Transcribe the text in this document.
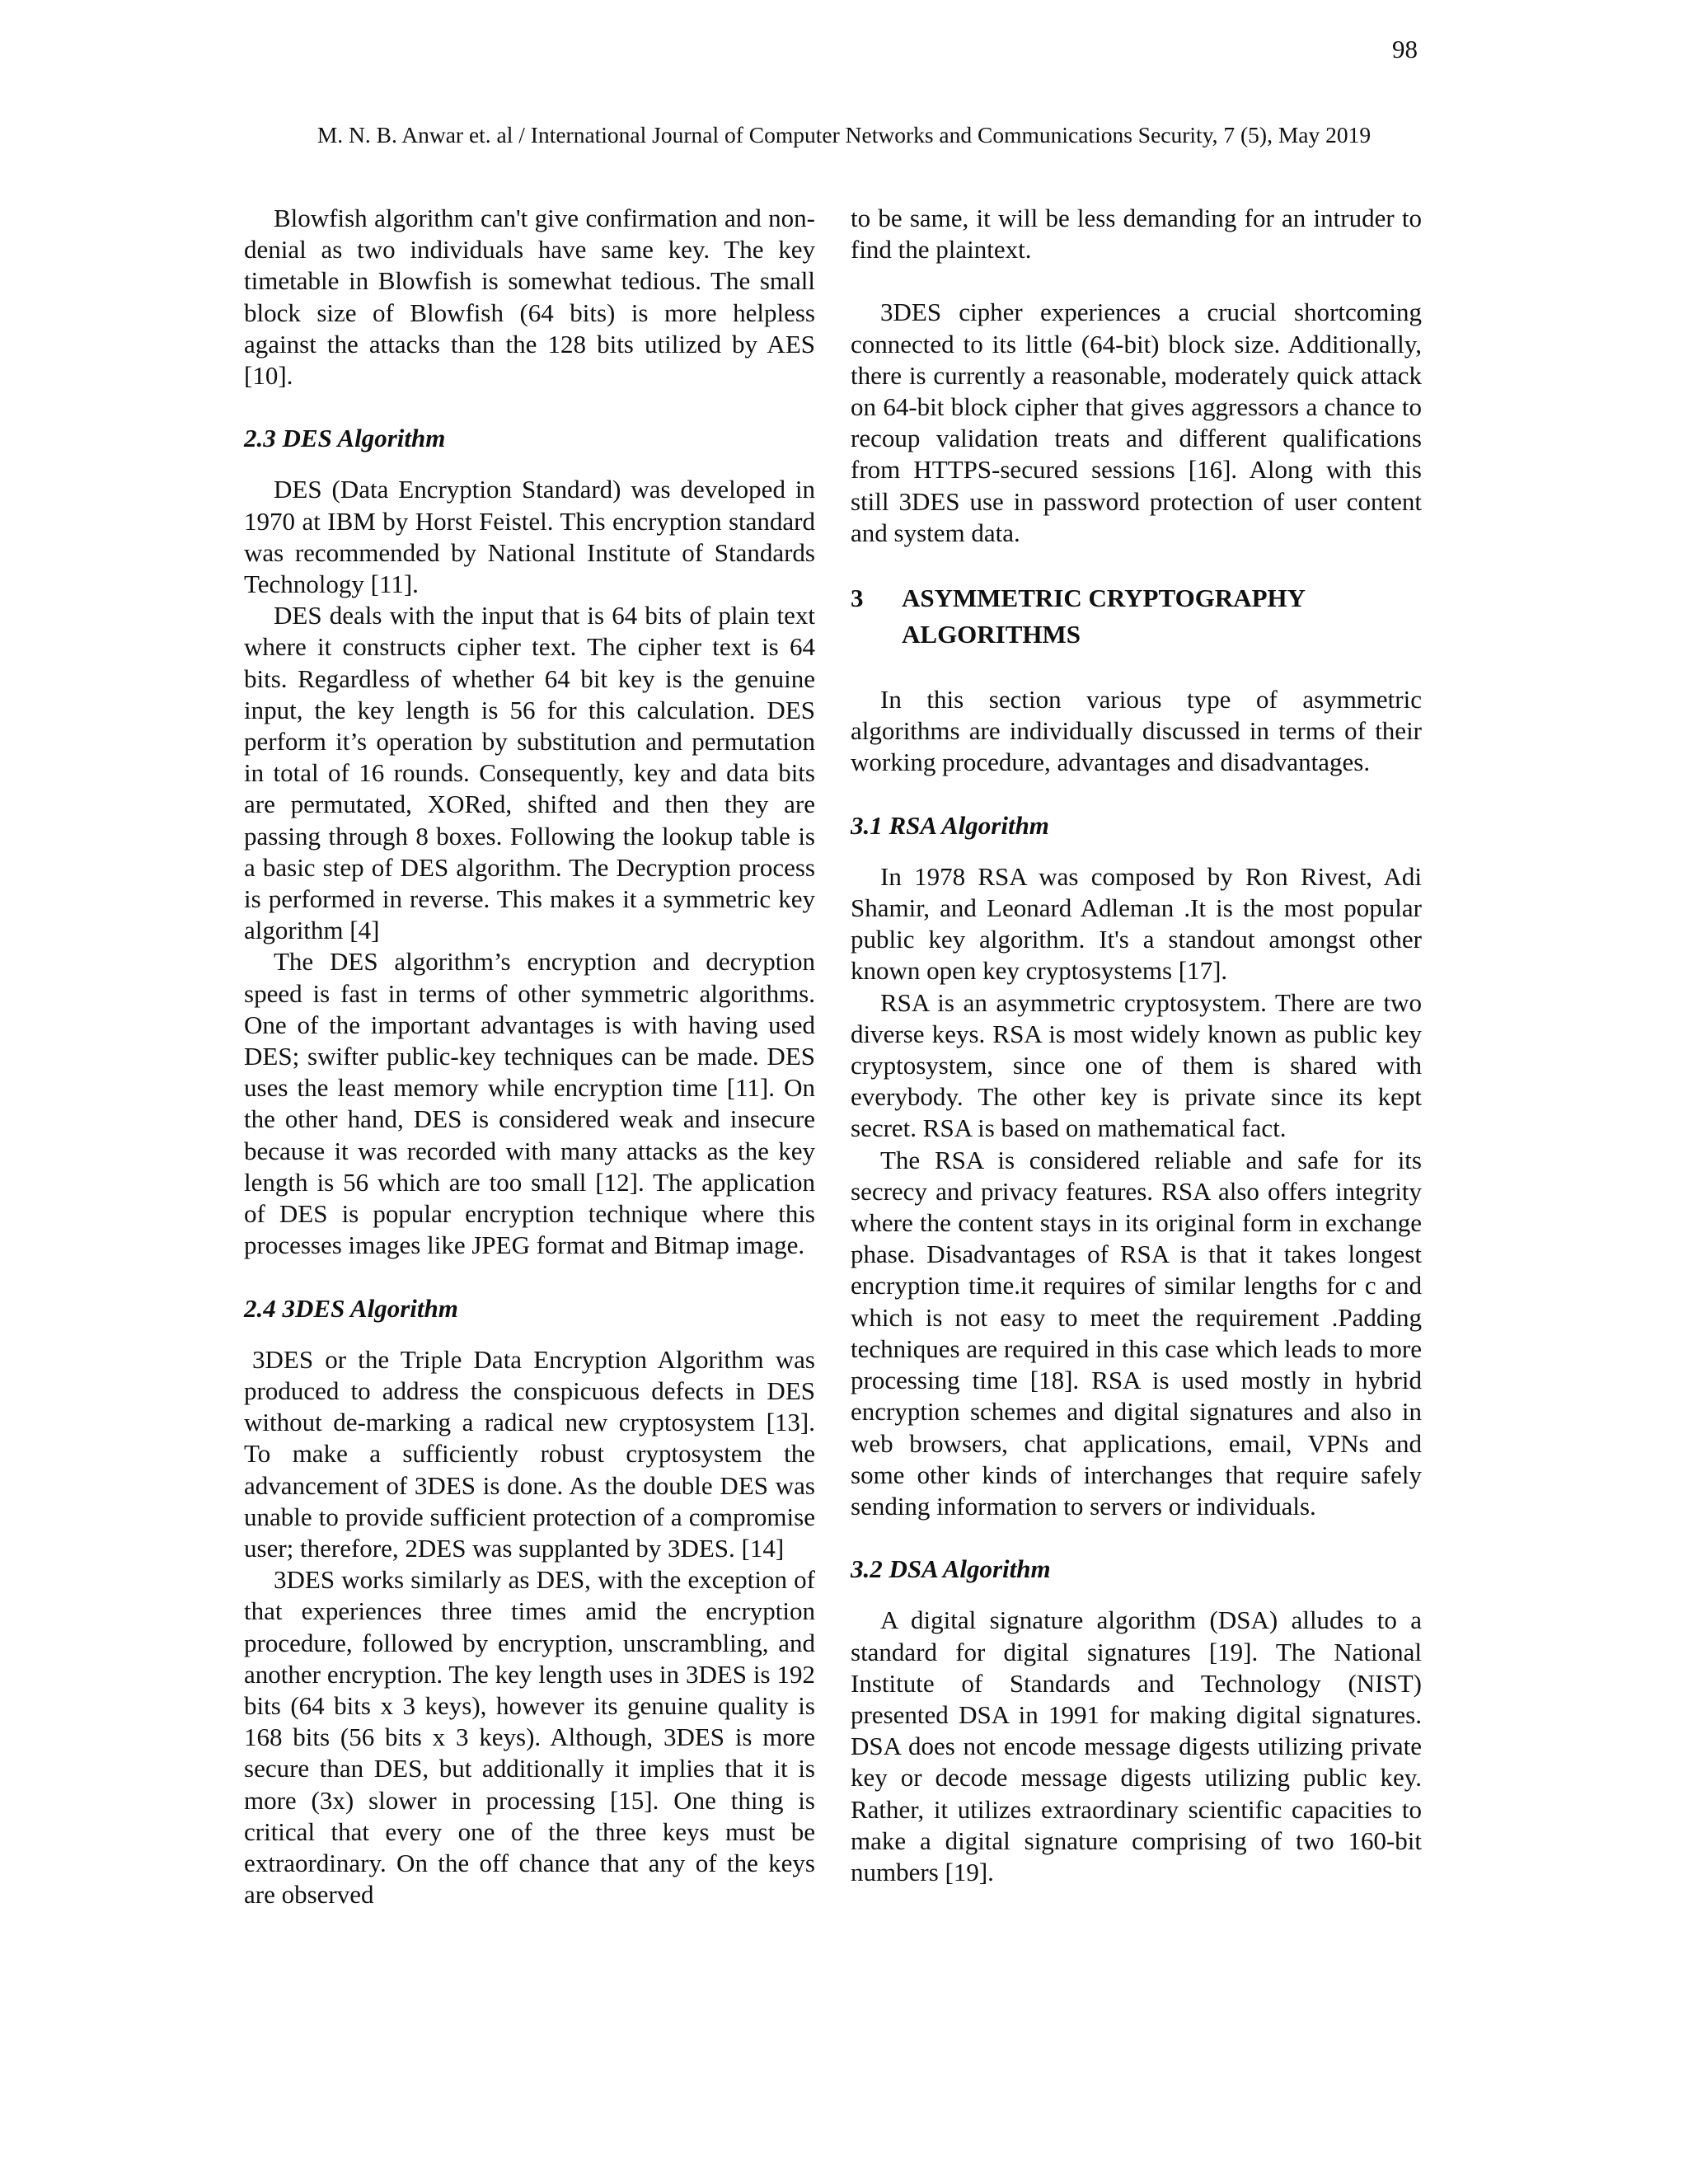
98
M. N. B. Anwar et. al / International Journal of Computer Networks and Communications Security, 7 (5), May 2019

Blowfish algorithm can't give confirmation and non-denial as two individuals have same key. The key timetable in Blowfish is somewhat tedious. The small block size of Blowfish (64 bits) is more helpless against the attacks than the 128 bits utilized by AES [10].

2.3 DES Algorithm

DES (Data Encryption Standard) was developed in 1970 at IBM by Horst Feistel. This encryption standard was recommended by National Institute of Standards Technology [11].

DES deals with the input that is 64 bits of plain text where it constructs cipher text. The cipher text is 64 bits. Regardless of whether 64 bit key is the genuine input, the key length is 56 for this calculation. DES perform it’s operation by substitution and permutation in total of 16 rounds. Consequently, key and data bits are permutated, XORed, shifted and then they are passing through 8 boxes. Following the lookup table is a basic step of DES algorithm. The Decryption process is performed in reverse. This makes it a symmetric key algorithm [4]

The DES algorithm’s encryption and decryption speed is fast in terms of other symmetric algorithms. One of the important advantages is with having used DES; swifter public-key techniques can be made. DES uses the least memory while encryption time [11]. On the other hand, DES is considered weak and insecure because it was recorded with many attacks as the key length is 56 which are too small [12]. The application of DES is popular encryption technique where this processes images like JPEG format and Bitmap image.

2.4 3DES Algorithm

3DES or the Triple Data Encryption Algorithm was produced to address the conspicuous defects in DES without de-marking a radical new cryptosystem [13]. To make a sufficiently robust cryptosystem the advancement of 3DES is done. As the double DES was unable to provide sufficient protection of a compromise user; therefore, 2DES was supplanted by 3DES. [14]

3DES works similarly as DES, with the exception of that experiences three times amid the encryption procedure, followed by encryption, unscrambling, and another encryption. The key length uses in 3DES is 192 bits (64 bits x 3 keys), however its genuine quality is 168 bits (56 bits x 3 keys). Although, 3DES is more secure than DES, but additionally it implies that it is more (3x) slower in processing [15]. One thing is critical that every one of the three keys must be extraordinary. On the off chance that any of the keys are observed

to be same, it will be less demanding for an intruder to find the plaintext.

3DES cipher experiences a crucial shortcoming connected to its little (64-bit) block size. Additionally, there is currently a reasonable, moderately quick attack on 64-bit block cipher that gives aggressors a chance to recoup validation treats and different qualifications from HTTPS-secured sessions [16]. Along with this still 3DES use in password protection of user content and system data.

3	ASYMMETRIC CRYPTOGRAPHY ALGORITHMS

In this section various type of asymmetric algorithms are individually discussed in terms of their working procedure, advantages and disadvantages.

3.1 RSA Algorithm

In 1978 RSA was composed by Ron Rivest, Adi Shamir, and Leonard Adleman .It is the most popular public key algorithm. It's a standout amongst other known open key cryptosystems [17].

RSA is an asymmetric cryptosystem. There are two diverse keys. RSA is most widely known as public key cryptosystem, since one of them is shared with everybody. The other key is private since its kept secret. RSA is based on mathematical fact.

The RSA is considered reliable and safe for its secrecy and privacy features. RSA also offers integrity where the content stays in its original form in exchange phase. Disadvantages of RSA is that it takes longest encryption time.it requires of similar lengths for c and which is not easy to meet the requirement .Padding techniques are required in this case which leads to more processing time [18]. RSA is used mostly in hybrid encryption schemes and digital signatures and also in web browsers, chat applications, email, VPNs and some other kinds of interchanges that require safely sending information to servers or individuals.

3.2 DSA Algorithm

A digital signature algorithm (DSA) alludes to a standard for digital signatures [19]. The National Institute of Standards and Technology (NIST) presented DSA in 1991 for making digital signatures. DSA does not encode message digests utilizing private key or decode message digests utilizing public key. Rather, it utilizes extraordinary scientific capacities to make a digital signature comprising of two 160-bit numbers [19].
